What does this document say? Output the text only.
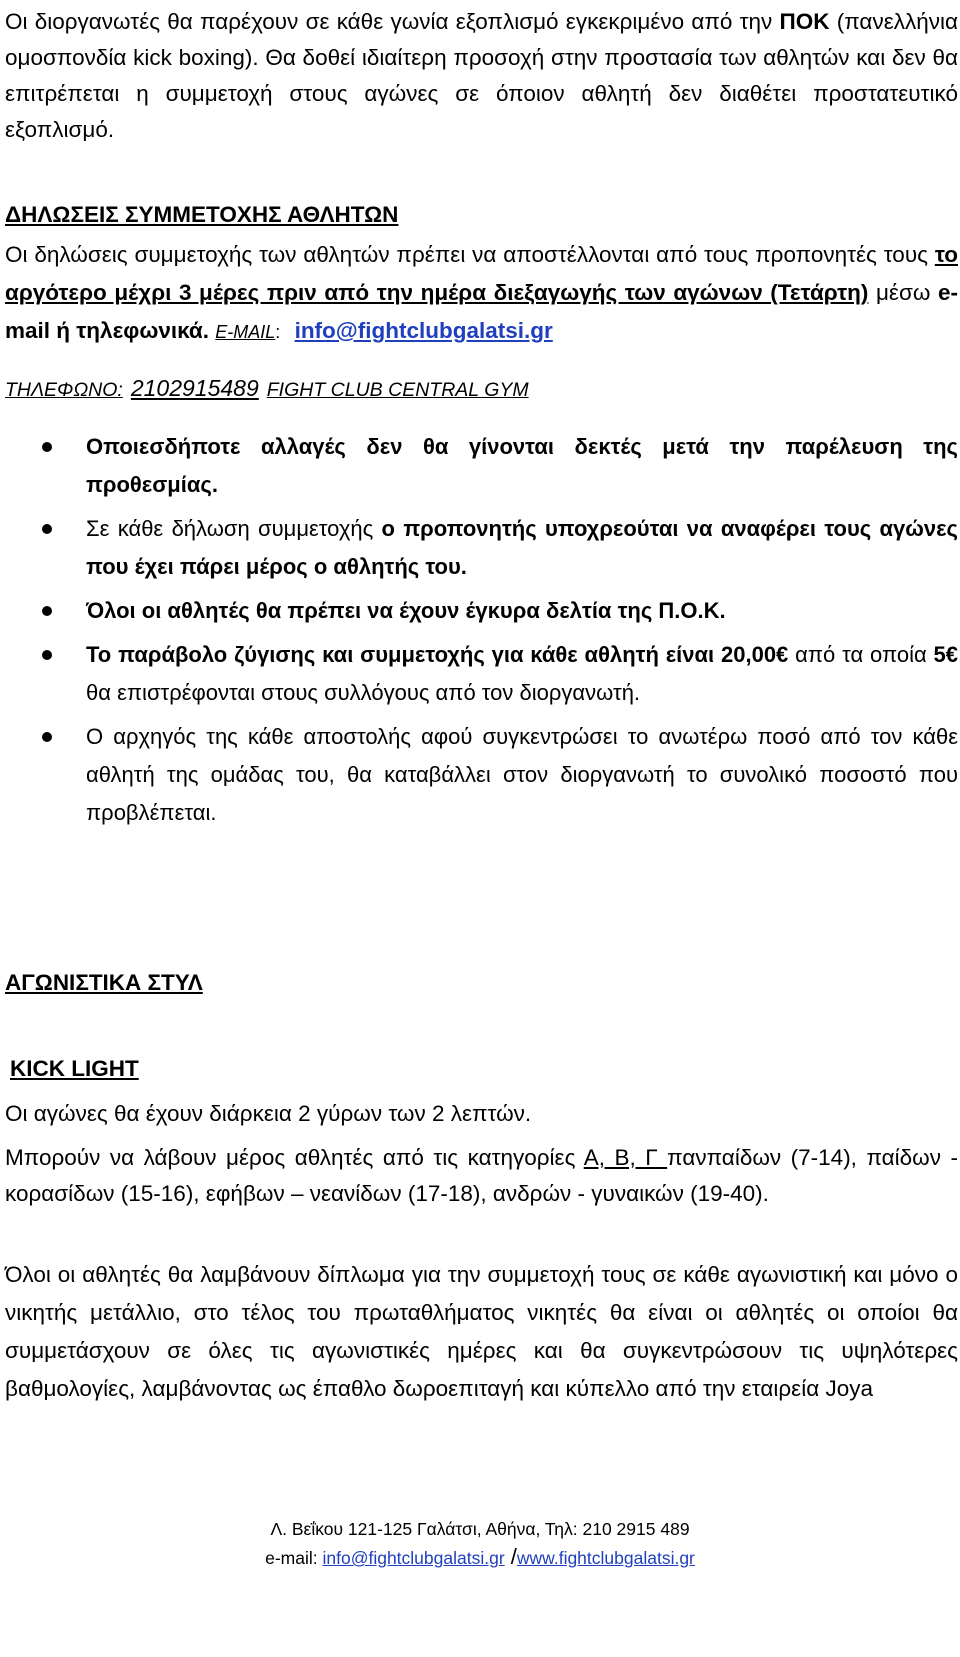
Οι διοργανωτές θα παρέχουν σε κάθε γωνία εξοπλισμό εγκεκριμένο από την ΠΟΚ (πανελλήνια ομοσπονδία kick boxing). Θα δοθεί ιδιαίτερη προσοχή στην προστασία των αθλητών και δεν θα επιτρέπεται η συμμετοχή στους αγώνες σε όποιον αθλητή δεν διαθέτει προστατευτικό εξοπλισμό.

ΔΗΛΩΣΕΙΣ ΣΥΜΜΕΤΟΧΗΣ ΑΘΛΗΤΩΝ

Οι δηλώσεις συμμετοχής των αθλητών πρέπει να αποστέλλονται από τους προπονητές τους το αργότερο μέχρι 3 μέρες πριν από την ημέρα διεξαγωγής των αγώνων (Τετάρτη) μέσω e-mail ή τηλεφωνικά. E-MAIL: info@fightclubgalatsi.gr

ΤΗΛΕΦΩΝΟ: 2102915489 FIGHT CLUB CENTRAL GYM

Οποιεσδήποτε αλλαγές δεν θα γίνονται δεκτές μετά την παρέλευση της προθεσμίας.
Σε κάθε δήλωση συμμετοχής ο προπονητής υποχρεούται να αναφέρει τους αγώνες που έχει πάρει μέρος ο αθλητής του.
Όλοι οι αθλητές θα πρέπει να έχουν έγκυρα δελτία της Π.Ο.Κ.
Το παράβολο ζύγισης και συμμετοχής για κάθε αθλητή είναι 20,00€ από τα οποία 5€ θα επιστρέφονται στους συλλόγους από τον διοργανωτή.
Ο αρχηγός της κάθε αποστολής αφού συγκεντρώσει το ανωτέρω ποσό από τον κάθε αθλητή της ομάδας του, θα καταβάλλει στον διοργανωτή το συνολικό ποσοστό που προβλέπεται.

ΑΓΩΝΙΣΤΙΚΑ ΣΤΥΛ

KICK LIGHT

Οι αγώνες θα έχουν διάρκεια 2 γύρων των 2 λεπτών.

Μπορούν να λάβουν μέρος αθλητές από τις κατηγορίες Α, Β, Γ πανπαίδων (7-14), παίδων - κορασίδων (15-16), εφήβων – νεανίδων (17-18), ανδρών - γυναικών (19-40).

Όλοι οι αθλητές θα λαμβάνουν δίπλωμα για την συμμετοχή τους σε κάθε αγωνιστική και μόνο ο νικητής μετάλλιο, στο τέλος του πρωταθλήματος νικητές θα είναι οι αθλητές οι οποίοι θα συμμετάσχουν σε όλες τις αγωνιστικές ημέρες και θα συγκεντρώσουν τις υψηλότερες βαθμολογίες, λαμβάνοντας ως έπαθλο δωροεπιταγή και κύπελλο από την εταιρεία Joya

Λ. Βεΐκου 121-125 Γαλάτσι, Αθήνα, Τηλ: 210 2915 489
e-mail: info@fightclubgalatsi.gr /www.fightclubgalatsi.gr
